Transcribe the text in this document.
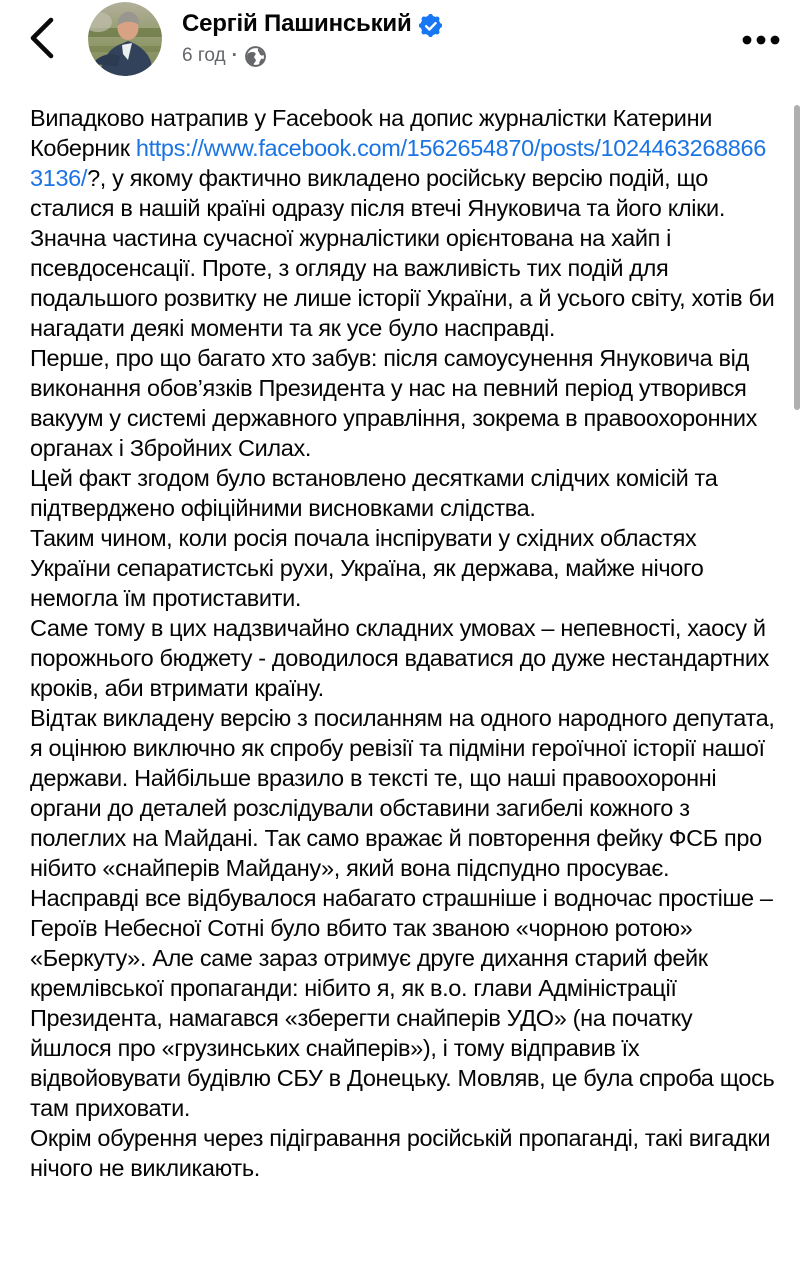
Сергій Пашинський
6 год ·

Випадково натрапив у Facebook на допис журналістки Катерини Коберник https://www.facebook.com/1562654870/posts/10244632688663136/?, у якому фактично викладено російську версію подій, що сталися в нашій країні одразу після втечі Януковича та його кліки.

Значна частина сучасної журналістики орієнтована на хайп і псевдосенсації. Проте, з огляду на важливість тих подій для подальшого розвитку не лише історії України, а й усього світу, хотів би нагадати деякі моменти та як усе було насправді.

Перше, про що багато хто забув: після самоусунення Януковича від виконання обов’язків Президента у нас на певний період утворився вакуум у системі державного управління, зокрема в правоохоронних органах і Збройних Силах.

Цей факт згодом було встановлено десятками слідчих комісій та підтверджено офіційними висновками слідства.

Таким чином, коли росія почала інспірувати у східних областях України сепаратистські рухи, Україна, як держава, майже нічого немогла їм протиставити.

Саме тому в цих надзвичайно складних умовах – непевності, хаосу й порожнього бюджету - доводилося вдаватися до дуже нестандартних кроків, аби втримати країну.

Відтак викладену версію з посиланням на одного народного депутата, я оцінюю виключно як спробу ревізії та підміни героїчної історії нашої держави. Найбільше вразило в тексті те, що наші правоохоронні органи до деталей розслідували обставини загибелі кожного з полеглих на Майдані. Так само вражає й повторення фейку ФСБ про нібито «снайперів Майдану», який вона підспудно просуває.

Насправді все відбувалося набагато страшніше і водночас простіше – Героїв Небесної Сотні було вбито так званою «чорною ротою» «Беркуту». Але саме зараз отримує друге дихання старий фейк кремлівської пропаганди: нібито я, як в.о. глави Адміністрації Президента, намагався «зберегти снайперів УДО» (на початку йшлося про «грузинських снайперів»), і тому відправив їх відвойовувати будівлю СБУ в Донецьку. Мовляв, це була спроба щось там приховати.

Окрім обурення через підігравання російській пропаганді, такі вигадки нічого не викликають.
